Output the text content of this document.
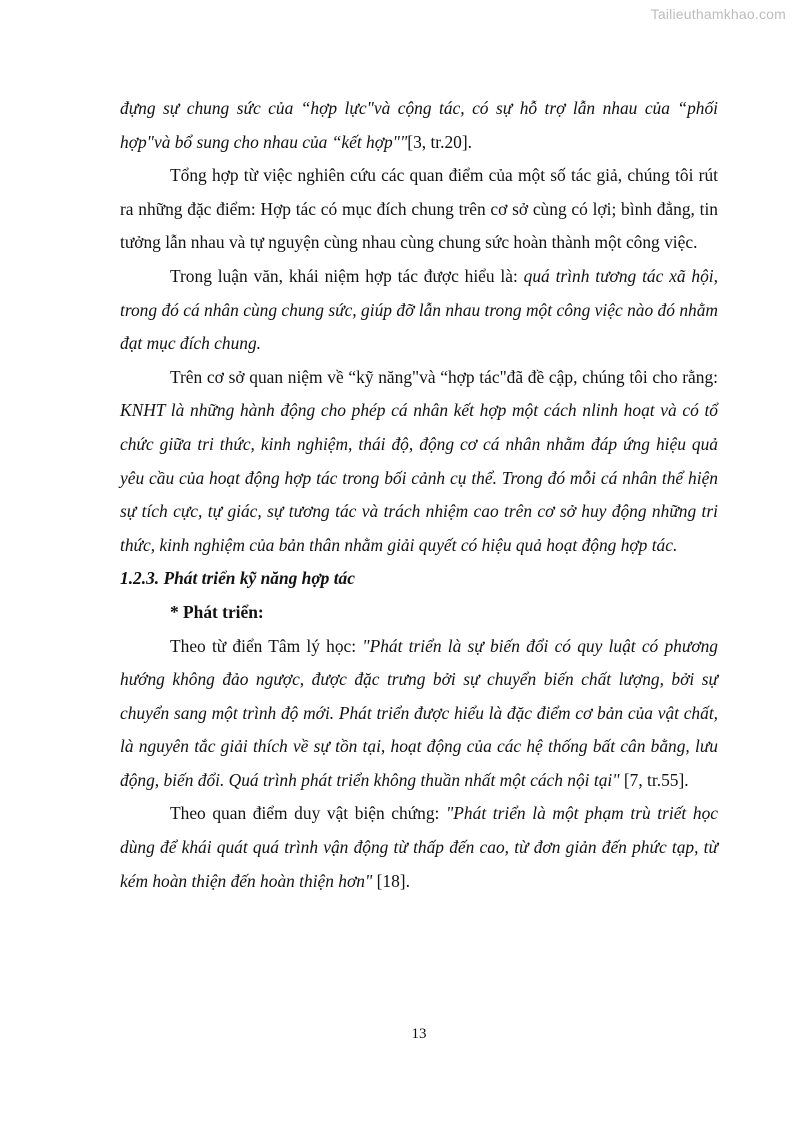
Tailieuthamkhao.com

đựng sự chung sức của “hợp lực"và cộng tác, có sự hỗ trợ lẫn nhau của “phối hợp"và bổ sung cho nhau của “kết hợp""[3, tr.20].

Tổng hợp từ việc nghiên cứu các quan điểm của một số tác giả, chúng tôi rút ra những đặc điểm: Hợp tác có mục đích chung trên cơ sở cùng có lợi; bình đẳng, tin tưởng lẫn nhau và tự nguyện cùng nhau cùng chung sức hoàn thành một công việc.

Trong luận văn, khái niệm hợp tác được hiểu là: quá trình tương tác xã hội, trong đó cá nhân cùng chung sức, giúp đỡ lẫn nhau trong một công việc nào đó nhằm đạt mục đích chung.

Trên cơ sở quan niệm về “kỹ năng"và “hợp tác"đã đề cập, chúng tôi cho rằng: KNHT là những hành động cho phép cá nhân kết hợp một cách nlinh hoạt và có tổ chức giữa tri thức, kinh nghiệm, thái độ, động cơ cá nhân nhằm đáp ứng hiệu quả yêu cầu của hoạt động hợp tác trong bối cảnh cụ thể. Trong đó mỗi cá nhân thể hiện sự tích cực, tự giác, sự tương tác và trách nhiệm cao trên cơ sở huy động những tri thức, kinh nghiệm của bản thân nhằm giải quyết có hiệu quả hoạt động hợp tác.

1.2.3. Phát triển kỹ năng hợp tác

* Phát triển:

Theo từ điển Tâm lý học: "Phát triển là sự biến đổi có quy luật có phương hướng không đảo ngược, được đặc trưng bởi sự chuyển biến chất lượng, bởi sự chuyển sang một trình độ mới. Phát triển được hiểu là đặc điểm cơ bản của vật chất, là nguyên tắc giải thích về sự tồn tại, hoạt động của các hệ thống bất cân bằng, lưu động, biến đổi. Quá trình phát triển không thuần nhất một cách nội tại" [7, tr.55].

Theo quan điểm duy vật biện chứng: "Phát triển là một phạm trù triết học dùng để khái quát quá trình vận động từ thấp đến cao, từ đơn giản đến phức tạp, từ kém hoàn thiện đến hoàn thiện hơn" [18].

13
